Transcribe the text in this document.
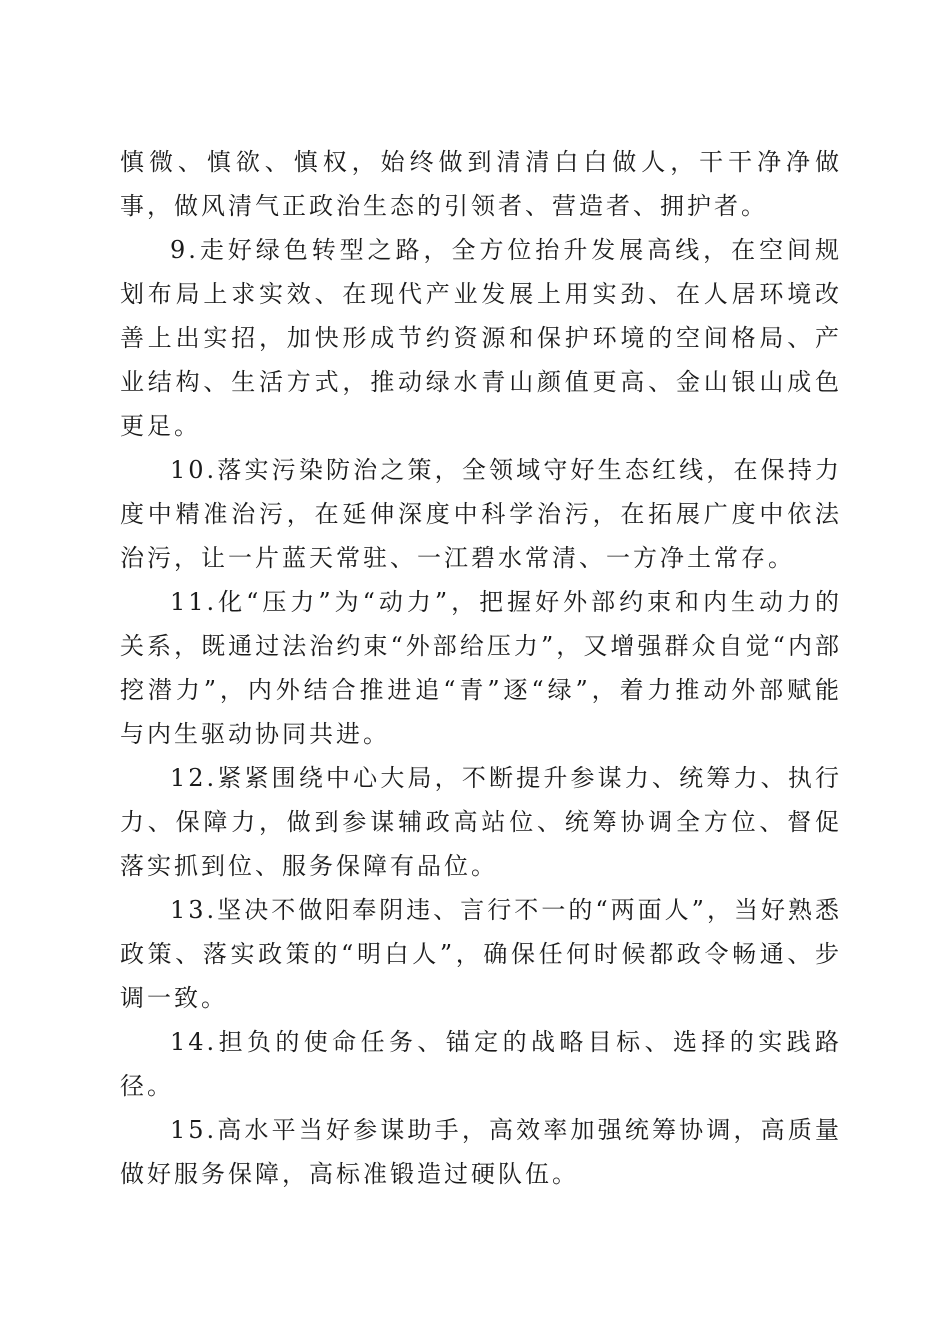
慎微、慎欲、慎权，始终做到清清白白做人，干干净净做事，做风清气正政治生态的引领者、营造者、拥护者。

9.走好绿色转型之路，全方位抬升发展高线，在空间规划布局上求实效、在现代产业发展上用实劲、在人居环境改善上出实招，加快形成节约资源和保护环境的空间格局、产业结构、生活方式，推动绿水青山颜值更高、金山银山成色更足。

10.落实污染防治之策，全领域守好生态红线，在保持力度中精准治污，在延伸深度中科学治污，在拓展广度中依法治污，让一片蓝天常驻、一江碧水常清、一方净土常存。

11.化“压力”为“动力”，把握好外部约束和内生动力的关系，既通过法治约束“外部给压力”，又增强群众自觉“内部挖潜力”，内外结合推进追“青”逐“绿”，着力推动外部赋能与内生驱动协同共进。

12.紧紧围绕中心大局，不断提升参谋力、统筹力、执行力、保障力，做到参谋辅政高站位、统筹协调全方位、督促落实抓到位、服务保障有品位。

13.坚决不做阳奉阴违、言行不一的“两面人”，当好熟悉政策、落实政策的“明白人”，确保任何时候都政令畅通、步调一致。

14.担负的使命任务、锚定的战略目标、选择的实践路径。

15.高水平当好参谋助手，高效率加强统筹协调，高质量做好服务保障，高标准锻造过硬队伍。
